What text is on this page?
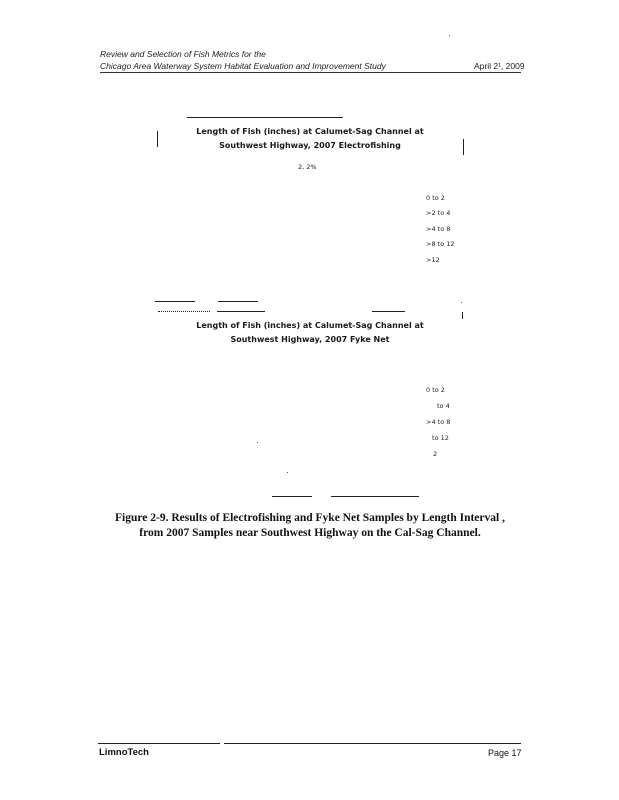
Review and Selection of Fish Metrics for the
Chicago Area Waterway System Habitat Evaluation and Improvement Study	April 2¹, 2009
Length of Fish (inches) at Calumet-Sag Channel at
Southwest Highway, 2007 Electrofishing
2, 2%
0 to 2
>2 to 4
>4 to 8
>8 to 12
>12
Length of Fish (inches) at Calumet-Sag Channel at
Southwest Highway, 2007 Fyke Net
0 to 2
to 4
>4 to 8
to 12
2
Figure 2-9. Results of Electrofishing and Fyke Net Samples by Length Interval ,
from 2007 Samples near Southwest Highway on the Cal-Sag Channel.
LimnoTech	Page 17
